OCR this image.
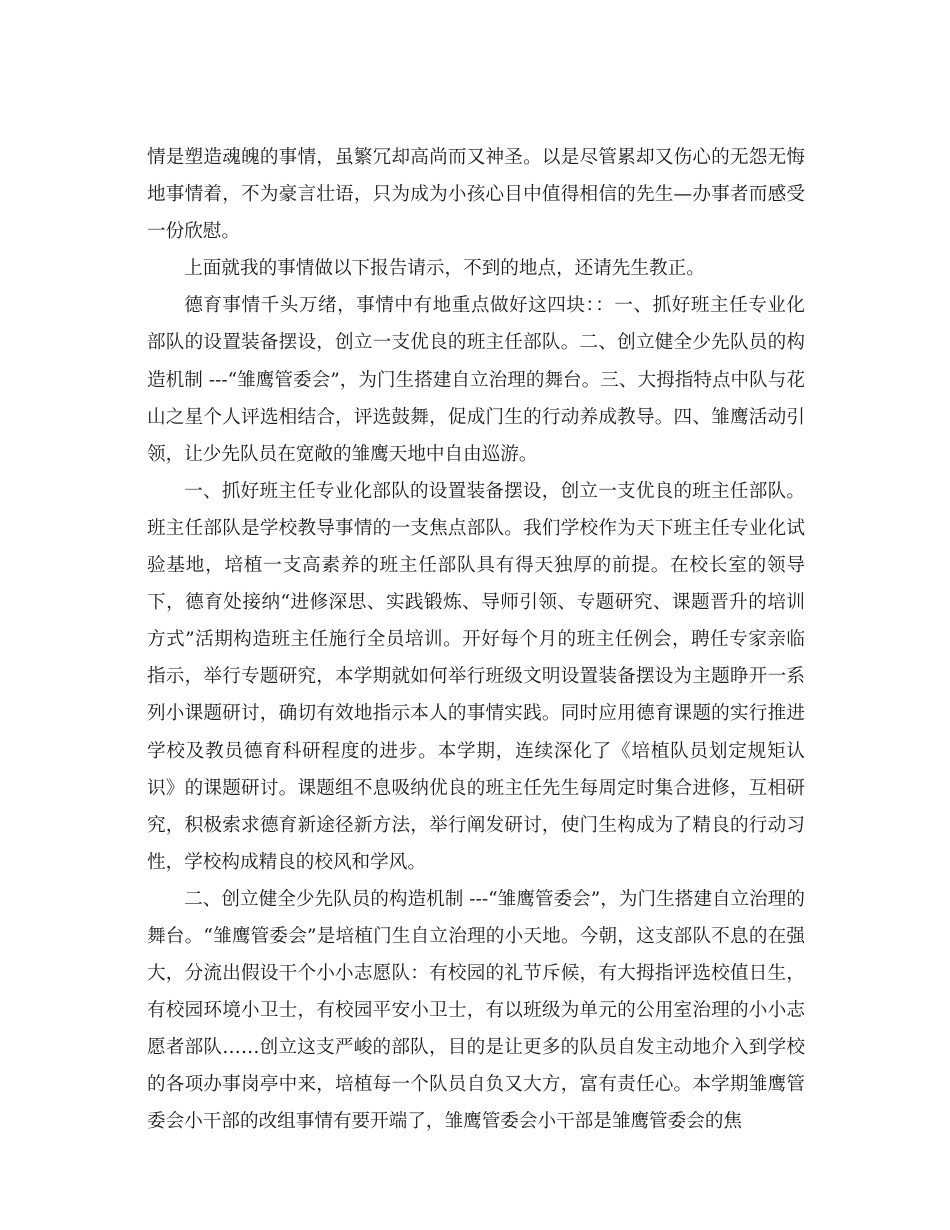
情是塑造魂魄的事情，虽繁冗却高尚而又神圣。以是尽管累却又伤心的无怨无悔地事情着，不为豪言壮语，只为成为小孩心目中值得相信的先生—办事者而感受一份欣慰。

上面就我的事情做以下报告请示，不到的地点，还请先生教正。

德育事情千头万绪，事情中有地重点做好这四块：：一、抓好班主任专业化部队的设置装备摆设，创立一支优良的班主任部队。二、创立健全少先队员的构造机制 ---“雏鹰管委会”，为门生搭建自立治理的舞台。三、大拇指特点中队与花山之星个人评选相结合，评选鼓舞，促成门生的行动养成教导。四、雏鹰活动引领，让少先队员在宽敞的雏鹰天地中自由巡游。

一、抓好班主任专业化部队的设置装备摆设，创立一支优良的班主任部队。班主任部队是学校教导事情的一支焦点部队。我们学校作为天下班主任专业化试验基地，培植一支高素养的班主任部队具有得天独厚的前提。在校长室的领导下，德育处接纳“进修深思、实践锻炼、导师引领、专题研究、课题晋升的培训方式”活期构造班主任施行全员培训。开好每个月的班主任例会，聘任专家亲临指示，举行专题研究，本学期就如何举行班级文明设置装备摆设为主题睁开一系列小课题研讨，确切有效地指示本人的事情实践。同时应用德育课题的实行推进学校及教员德育科研程度的进步。本学期，连续深化了《培植队员划定规矩认识》的课题研讨。课题组不息吸纳优良的班主任先生每周定时集合进修，互相研究，积极索求德育新途径新方法，举行阐发研讨，使门生构成为了精良的行动习性，学校构成精良的校风和学风。

二、创立健全少先队员的构造机制 ---“雏鹰管委会”，为门生搭建自立治理的舞台。“雏鹰管委会”是培植门生自立治理的小天地。今朝，这支部队不息的在强大，分流出假设干个小小志愿队：有校园的礼节斥候，有大拇指评选校值日生，有校园环境小卫士，有校园平安小卫士，有以班级为单元的公用室治理的小小志愿者部队……创立这支严峻的部队，目的是让更多的队员自发主动地介入到学校的各项办事岗亭中来，培植每一个队员自负又大方，富有责任心。本学期雏鹰管委会小干部的改组事情有要开端了，雏鹰管委会小干部是雏鹰管委会的焦
